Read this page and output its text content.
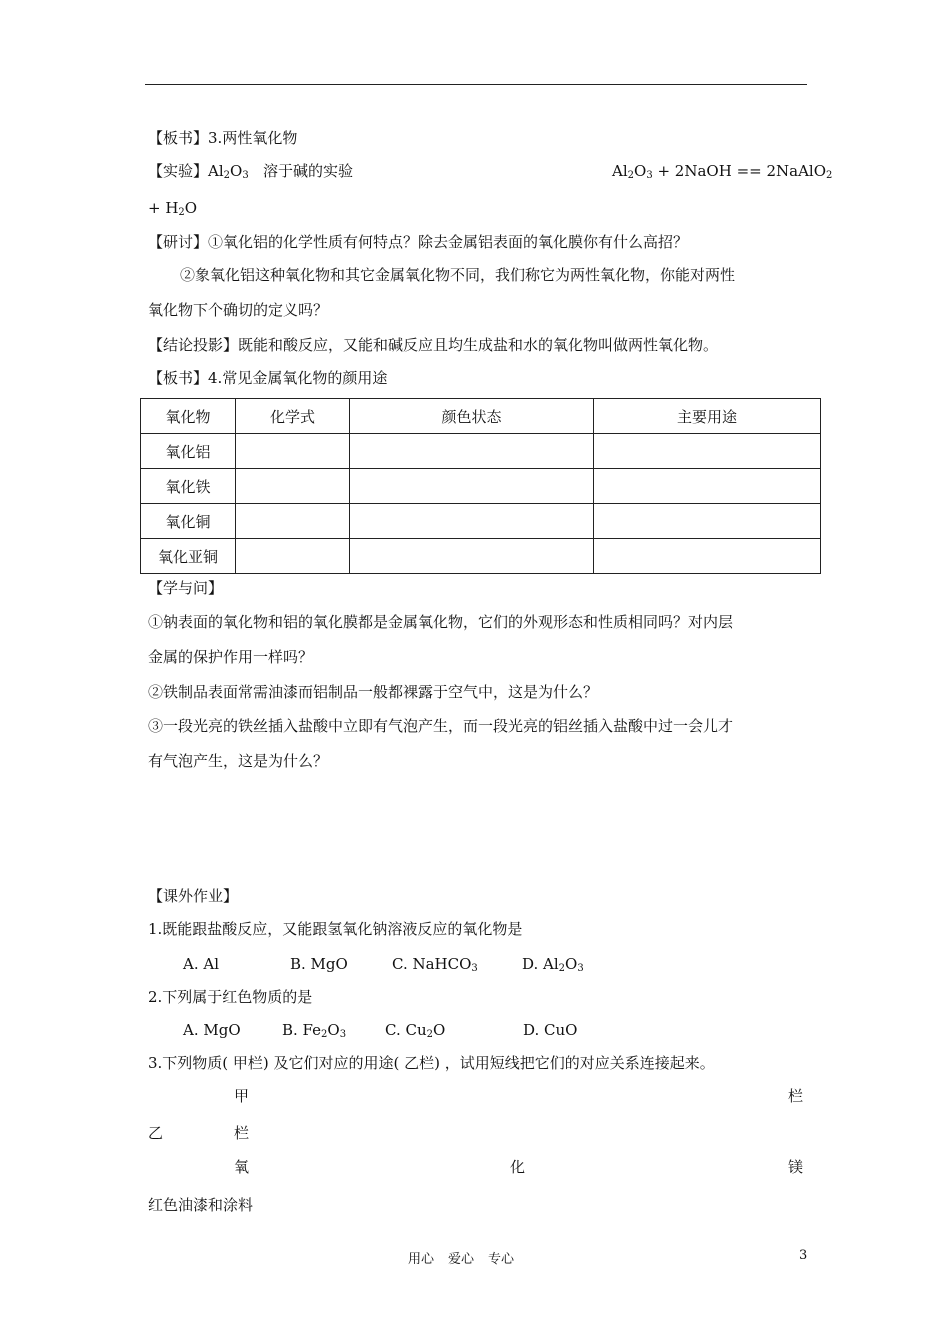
【板书】3.两性氧化物
【实验】$Al_2O_3$ 溶于碱的实验	$Al_2O_3$ + 2NaOH == 2NaAlO$_2$
+ $H_2O$
【研讨】①氧化铝的化学性质有何特点？除去金属铝表面的氧化膜你有什么高招？
②象氧化铝这种氧化物和其它金属氧化物不同，我们称它为两性氧化物，你能对两性
氧化物下个确切的定义吗？
【结论投影】既能和酸反应，又能和碱反应且均生成盐和水的氧化物叫做两性氧化物。
【板书】4.常见金属氧化物的颜用途
氧化物	化学式	颜色状态	主要用途
氧化铝			
氧化铁			
氧化铜			
氧化亚铜			
【学与问】
①钠表面的氧化物和铝的氧化膜都是金属氧化物，它们的外观形态和性质相同吗？对内层
金属的保护作用一样吗？
②铁制品表面常需油漆而铝制品一般都裸露于空气中，这是为什么？
③一段光亮的铁丝插入盐酸中立即有气泡产生，而一段光亮的铝丝插入盐酸中过一会儿才
有气泡产生，这是为什么？
【课外作业】
1.既能跟盐酸反应，又能跟氢氧化钠溶液反应的氧化物是
A. Al	B. MgO	C. NaHCO$_3$	D. $Al_2O_3$
2.下列属于红色物质的是
A. MgO	B. $Fe_2O_3$	C. $Cu_2O$	D. CuO
3.下列物质( 甲栏) 及它们对应的用途( 乙栏) ，试用短线把它们的对应关系连接起来。
甲	栏
乙	栏
氧	化	镁
红色油漆和涂料
用心 爱心 专心	3
